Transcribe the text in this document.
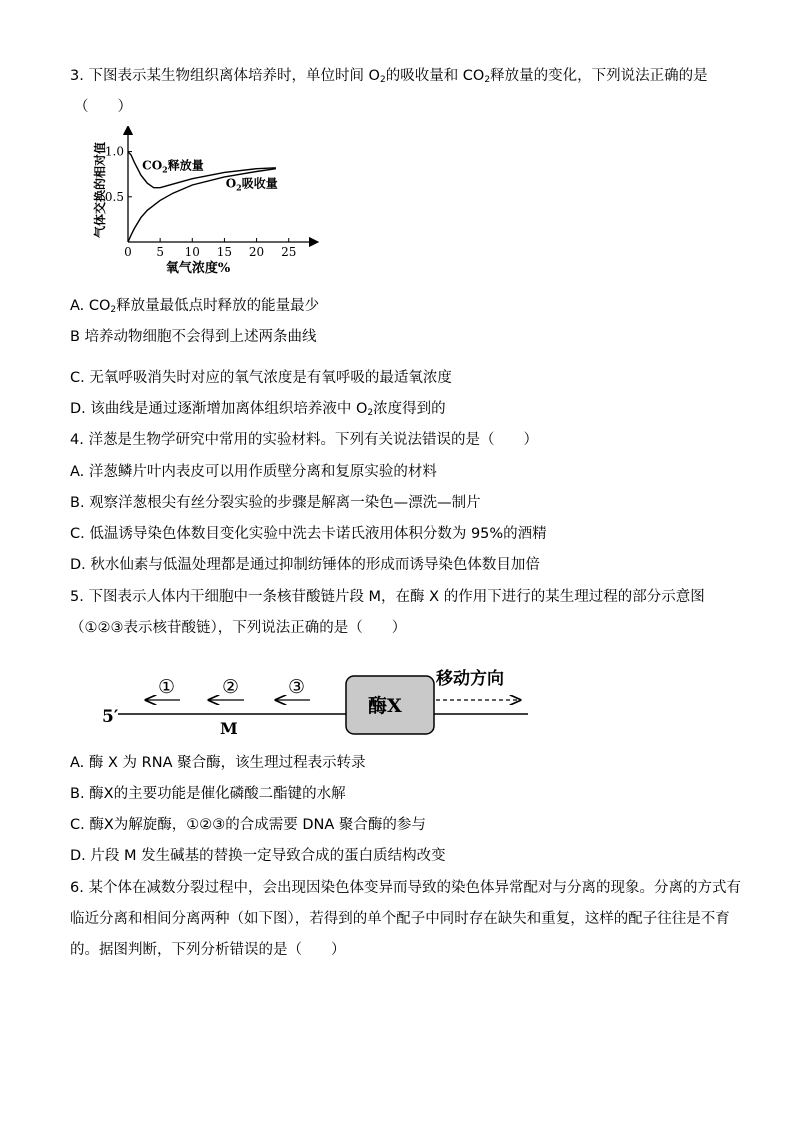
3. 下图表示某生物组织离体培养时，单位时间 $O_2$的吸收量和 $CO_2$释放量的变化，下列说法正确的是
（　　）
0 5 10 15 20 25
0.5
1.0
氧气浓度%
气体交换的相对值	$CO_2$释放量
$O_2$吸收量
A. $CO_2$释放量最低点时释放的能量最少
B 培养动物细胞不会得到上述两条曲线
C. 无氧呼吸消失时对应的氧气浓度是有氧呼吸的最适氧浓度
D. 该曲线是通过逐渐增加离体组织培养液中 $O_2$浓度得到的
4. 洋葱是生物学研究中常用的实验材料。下列有关说法错误的是（　　）
A. 洋葱鳞片叶内表皮可以用作质壁分离和复原实验的材料
B. 观察洋葱根尖有丝分裂实验的步骤是解离一染色—漂洗—制片
C. 低温诱导染色体数目变化实验中洗去卡诺氏液用体积分数为 95%的酒精
D. 秋水仙素与低温处理都是通过抑制纺锤体的形成而诱导染色体数目加倍
5. 下图表示人体内干细胞中一条核苷酸链片段 M，在酶 X 的作用下进行的某生理过程的部分示意图
（①②③表示核苷酸链），下列说法正确的是（　　）
5′
M
① ②	③
酶X
移动方向
A. 酶 X 为 RNA 聚合酶，该生理过程表示转录
B. 酶X的主要功能是催化磷酸二酯键的水解
C. 酶X为解旋酶，①②③的合成需要 DNA 聚合酶的参与
D. 片段 M 发生碱基的替换一定导致合成的蛋白质结构改变
6. 某个体在减数分裂过程中，会出现因染色体变异而导致的染色体异常配对与分离的现象。分离的方式有
临近分离和相间分离两种（如下图），若得到的单个配子中同时存在缺失和重复，这样的配子往往是不育
的。据图判断，下列分析错误的是（　　）
